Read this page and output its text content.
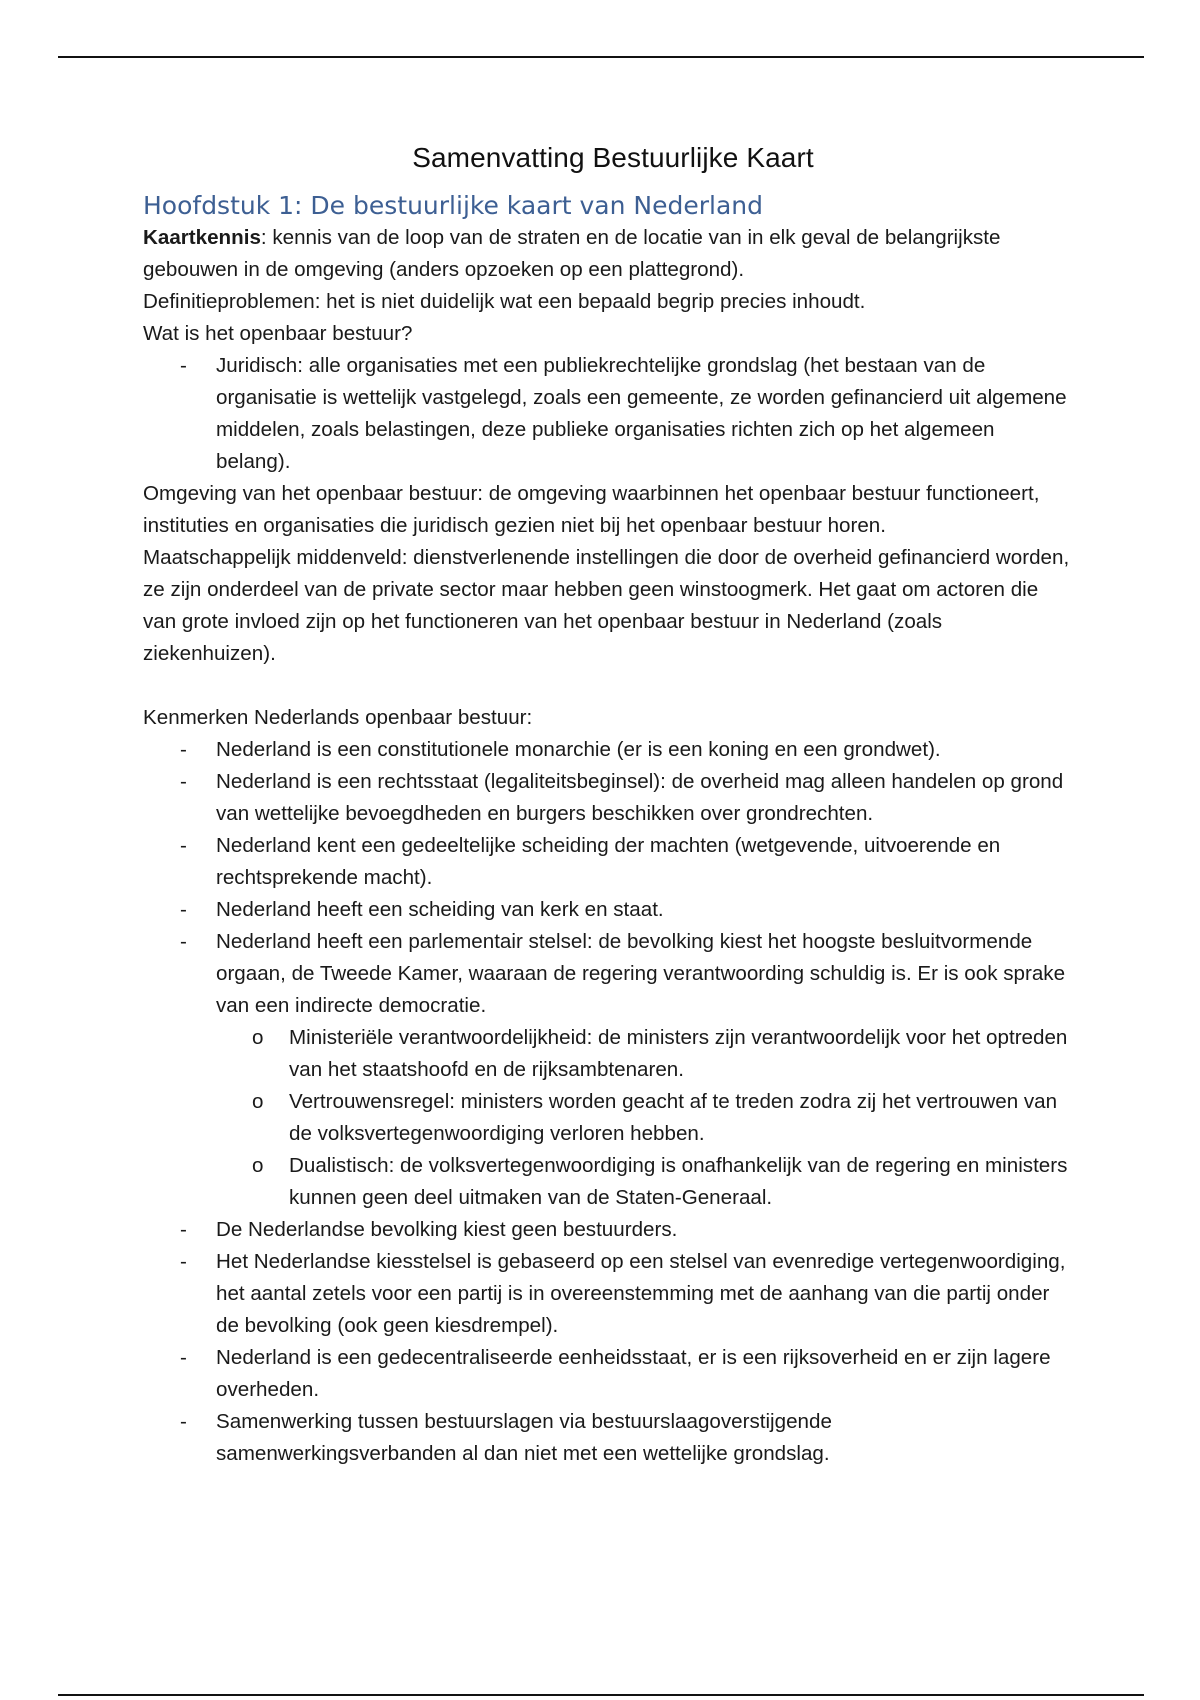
Samenvatting Bestuurlijke Kaart
Hoofdstuk 1: De bestuurlijke kaart van Nederland

Kaartkennis: kennis van de loop van de straten en de locatie van in elk geval de belangrijkste gebouwen in de omgeving (anders opzoeken op een plattegrond).

Definitieproblemen: het is niet duidelijk wat een bepaald begrip precies inhoudt.

Wat is het openbaar bestuur?

- Juridisch: alle organisaties met een publiekrechtelijke grondslag (het bestaan van de organisatie is wettelijk vastgelegd, zoals een gemeente, ze worden gefinancierd uit algemene middelen, zoals belastingen, deze publieke organisaties richten zich op het algemeen belang).

Omgeving van het openbaar bestuur: de omgeving waarbinnen het openbaar bestuur functioneert, instituties en organisaties die juridisch gezien niet bij het openbaar bestuur horen.

Maatschappelijk middenveld: dienstverlenende instellingen die door de overheid gefinancierd worden, ze zijn onderdeel van de private sector maar hebben geen winstoogmerk. Het gaat om actoren die van grote invloed zijn op het functioneren van het openbaar bestuur in Nederland (zoals ziekenhuizen).

Kenmerken Nederlands openbaar bestuur:

- Nederland is een constitutionele monarchie (er is een koning en een grondwet).
- Nederland is een rechtsstaat (legaliteitsbeginsel): de overheid mag alleen handelen op grond van wettelijke bevoegdheden en burgers beschikken over grondrechten.
- Nederland kent een gedeeltelijke scheiding der machten (wetgevende, uitvoerende en rechtsprekende macht).
- Nederland heeft een scheiding van kerk en staat.
- Nederland heeft een parlementair stelsel: de bevolking kiest het hoogste besluitvormende orgaan, de Tweede Kamer, waaraan de regering verantwoording schuldig is. Er is ook sprake van een indirecte democratie.
o Ministeriële verantwoordelijkheid: de ministers zijn verantwoordelijk voor het optreden van het staatshoofd en de rijksambtenaren.
o Vertrouwensregel: ministers worden geacht af te treden zodra zij het vertrouwen van de volksvertegenwoordiging verloren hebben.
o Dualistisch: de volksvertegenwoordiging is onafhankelijk van de regering en ministers kunnen geen deel uitmaken van de Staten-Generaal.
- De Nederlandse bevolking kiest geen bestuurders.
- Het Nederlandse kiesstelsel is gebaseerd op een stelsel van evenredige vertegenwoordiging, het aantal zetels voor een partij is in overeenstemming met de aanhang van die partij onder de bevolking (ook geen kiesdrempel).
- Nederland is een gedecentraliseerde eenheidsstaat, er is een rijksoverheid en er zijn lagere overheden.
- Samenwerking tussen bestuurslagen via bestuurslaagoverstijgende samenwerkingsverbanden al dan niet met een wettelijke grondslag.
